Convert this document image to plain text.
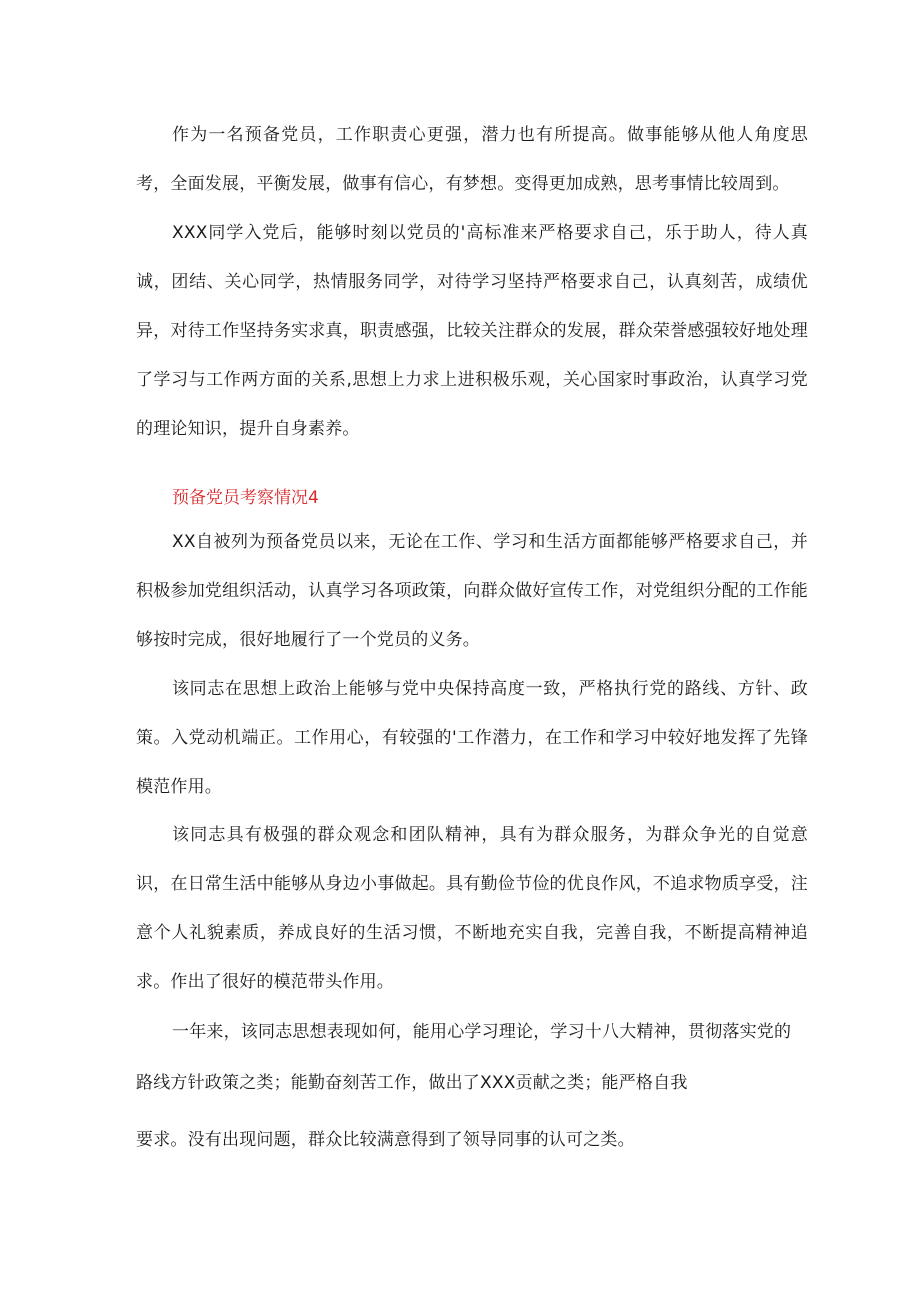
作为一名预备党员，工作职责心更强，潜力也有所提高。做事能够从他人角度思考，全面发展，平衡发展，做事有信心，有梦想。变得更加成熟，思考事情比较周到。

XXX同学入党后，能够时刻以党员的'高标准来严格要求自己，乐于助人，待人真诚，团结、关心同学，热情服务同学，对待学习坚持严格要求自己，认真刻苦，成绩优异，对待工作坚持务实求真，职责感强，比较关注群众的发展，群众荣誉感强较好地处理了学习与工作两方面的关系,思想上力求上进积极乐观，关心国家时事政治，认真学习党的理论知识，提升自身素养。

预备党员考察情况4

XX自被列为预备党员以来，无论在工作、学习和生活方面都能够严格要求自己，并积极参加党组织活动，认真学习各项政策，向群众做好宣传工作，对党组织分配的工作能够按时完成，很好地履行了一个党员的义务。

该同志在思想上政治上能够与党中央保持高度一致，严格执行党的路线、方针、政策。入党动机端正。工作用心，有较强的'工作潜力，在工作和学习中较好地发挥了先锋模范作用。

该同志具有极强的群众观念和团队精神，具有为群众服务，为群众争光的自觉意识，在日常生活中能够从身边小事做起。具有勤俭节俭的优良作风，不追求物质享受，注意个人礼貌素质，养成良好的生活习惯，不断地充实自我，完善自我，不断提高精神追求。作出了很好的模范带头作用。

一年来，该同志思想表现如何，能用心学习理论，学习十八大精神，贯彻落实党的

路线方针政策之类；能勤奋刻苦工作，做出了XXX贡献之类；能严格自我

要求。没有出现问题，群众比较满意得到了领导同事的认可之类。
